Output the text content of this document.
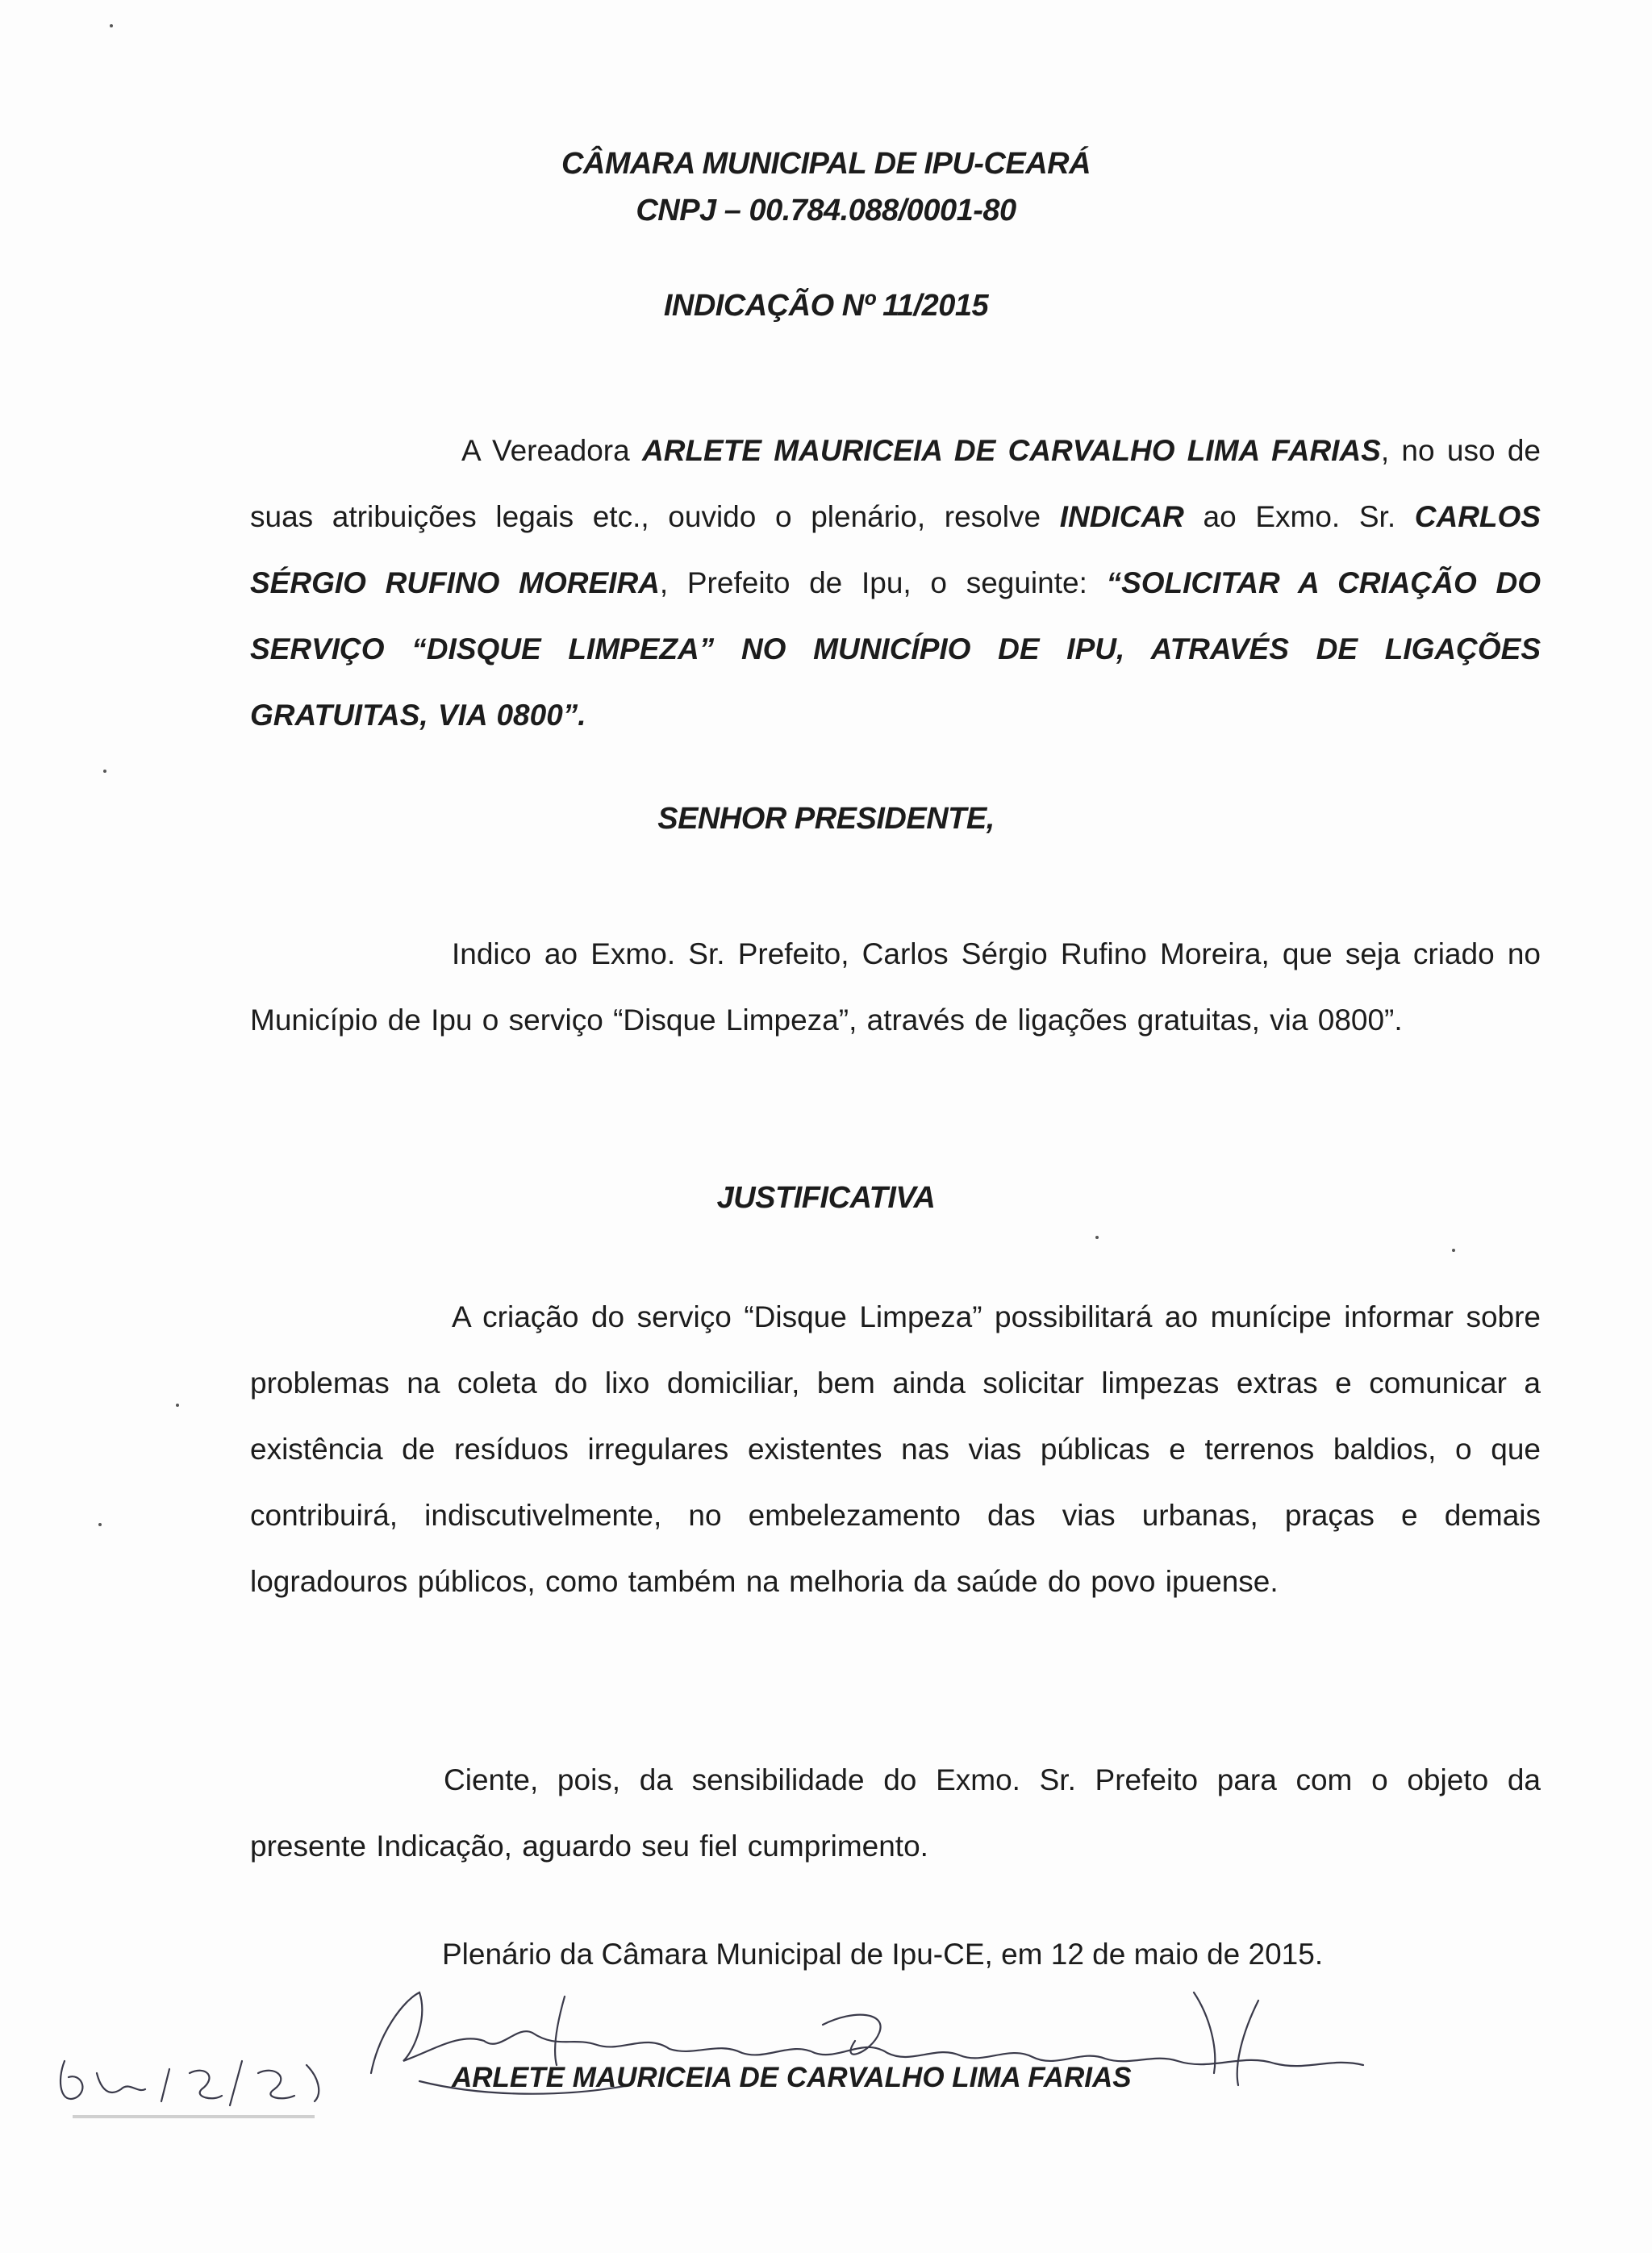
CÂMARA MUNICIPAL DE IPU-CEARÁ
CNPJ – 00.784.088/0001-80
INDICAÇÃO Nº 11/2015
A Vereadora ARLETE MAURICEIA DE CARVALHO LIMA FARIAS, no uso de suas atribuições legais etc., ouvido o plenário, resolve INDICAR ao Exmo. Sr. CARLOS SÉRGIO RUFINO MOREIRA, Prefeito de Ipu, o seguinte: “SOLICITAR A CRIAÇÃO DO SERVIÇO “DISQUE LIMPEZA” NO MUNICÍPIO DE IPU, ATRAVÉS DE LIGAÇÕES GRATUITAS, VIA 0800”.
SENHOR PRESIDENTE,
Indico ao Exmo. Sr. Prefeito, Carlos Sérgio Rufino Moreira, que seja criado no Município de Ipu o serviço “Disque Limpeza”, através de ligações gratuitas, via 0800”.
JUSTIFICATIVA
A criação do serviço “Disque Limpeza” possibilitará ao munícipe informar sobre problemas na coleta do lixo domiciliar, bem ainda solicitar limpezas extras e comunicar a existência de resíduos irregulares existentes nas vias públicas e terrenos baldios, o que contribuirá, indiscutivelmente, no embelezamento das vias urbanas, praças e demais logradouros públicos, como também na melhoria da saúde do povo ipuense.
Ciente, pois, da sensibilidade do Exmo. Sr. Prefeito para com o objeto da presente Indicação, aguardo seu fiel cumprimento.
Plenário da Câmara Municipal de Ipu-CE, em 12 de maio de 2015.
ARLETE MAURICEIA DE CARVALHO LIMA FARIAS
